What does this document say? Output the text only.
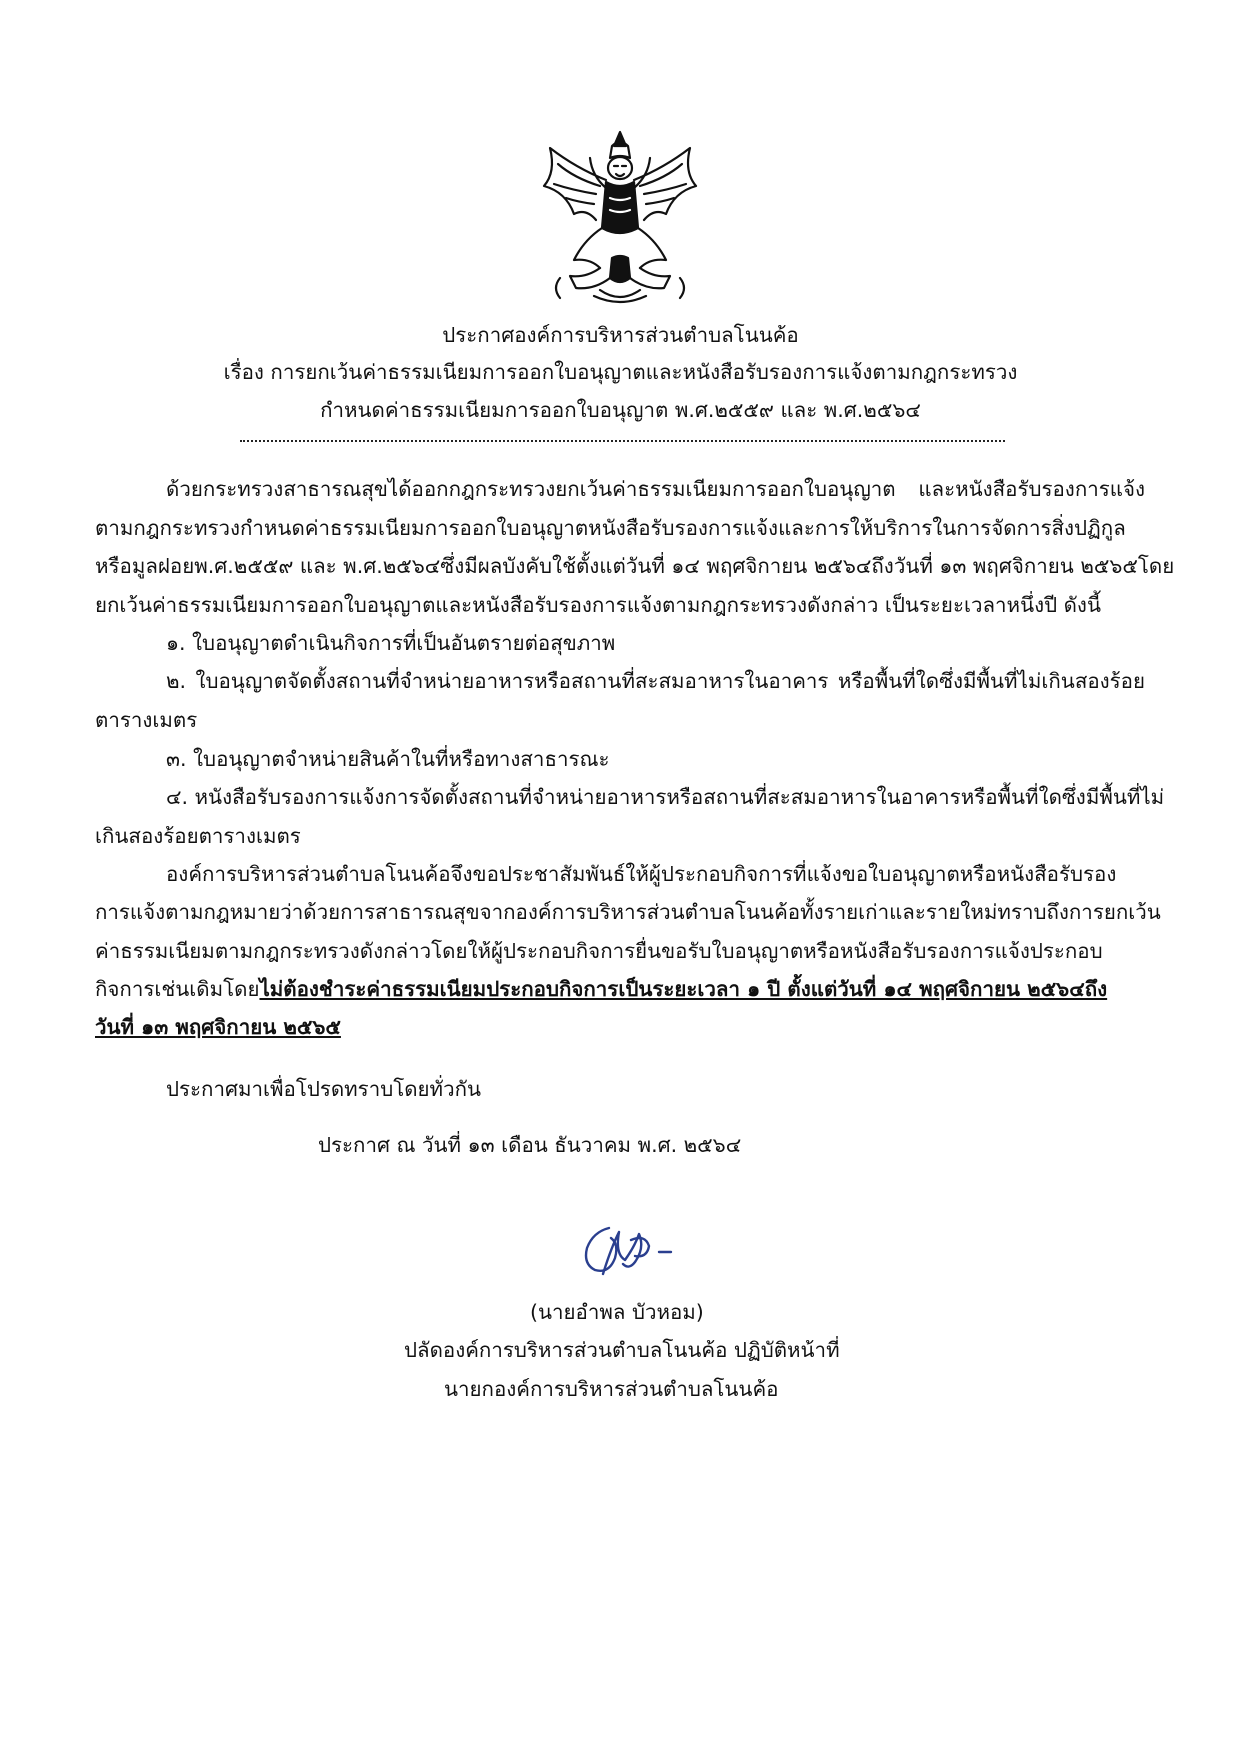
ประกาศองค์การบริหารส่วนตำบลโนนค้อ
เรื่อง การยกเว้นค่าธรรมเนียมการออกใบอนุญาตและหนังสือรับรองการแจ้งตามกฎกระทรวง
กำหนดค่าธรรมเนียมการออกใบอนุญาต พ.ศ.๒๕๕๙ และ พ.ศ.๒๕๖๔
ด้วยกระทรวงสาธารณสุขได้ออกกฎกระทรวงยกเว้นค่าธรรมเนียมการออกใบอนุญาต และหนังสือรับรองการแจ้ง
ตามกฎกระทรวงกำหนดค่าธรรมเนียมการออกใบอนุญาตหนังสือรับรองการแจ้งและการให้บริการในการจัดการสิ่งปฏิกูล
หรือมูลฝอยพ.ศ.๒๕๕๙ และ พ.ศ.๒๕๖๔ซึ่งมีผลบังคับใช้ตั้งแต่วันที่ ๑๔ พฤศจิกายน ๒๕๖๔ถึงวันที่ ๑๓ พฤศจิกายน ๒๕๖๕โดย
ยกเว้นค่าธรรมเนียมการออกใบอนุญาตและหนังสือรับรองการแจ้งตามกฎกระทรวงดังกล่าว เป็นระยะเวลาหนึ่งปี ดังนี้
๑. ใบอนุญาตดำเนินกิจการที่เป็นอันตรายต่อสุขภาพ
๒. ใบอนุญาตจัดตั้งสถานที่จำหน่ายอาหารหรือสถานที่สะสมอาหารในอาคาร หรือพื้นที่ใดซึ่งมีพื้นที่ไม่เกินสองร้อย
ตารางเมตร
๓. ใบอนุญาตจำหน่ายสินค้าในที่หรือทางสาธารณะ
๔. หนังสือรับรองการแจ้งการจัดตั้งสถานที่จำหน่ายอาหารหรือสถานที่สะสมอาหารในอาคารหรือพื้นที่ใดซึ่งมีพื้นที่ไม่
เกินสองร้อยตารางเมตร
องค์การบริหารส่วนตำบลโนนค้อจึงขอประชาสัมพันธ์ให้ผู้ประกอบกิจการที่แจ้งขอใบอนุญาตหรือหนังสือรับรอง
การแจ้งตามกฎหมายว่าด้วยการสาธารณสุขจากองค์การบริหารส่วนตำบลโนนค้อทั้งรายเก่าและรายใหม่ทราบถึงการยกเว้น
ค่าธรรมเนียมตามกฎกระทรวงดังกล่าวโดยให้ผู้ประกอบกิจการยื่นขอรับใบอนุญาตหรือหนังสือรับรองการแจ้งประกอบ
กิจการเช่นเดิมโดยไม่ต้องชำระค่าธรรมเนียมประกอบกิจการเป็นระยะเวลา ๑ ปี ตั้งแต่วันที่ ๑๔ พฤศจิกายน ๒๕๖๔ถึง
วันที่ ๑๓ พฤศจิกายน ๒๕๖๕
ประกาศมาเพื่อโปรดทราบโดยทั่วกัน
ประกาศ ณ วันที่ ๑๓ เดือน ธันวาคม พ.ศ. ๒๕๖๔
(นายอำพล บัวหอม)
ปลัดองค์การบริหารส่วนตำบลโนนค้อ ปฏิบัติหน้าที่
นายกองค์การบริหารส่วนตำบลโนนค้อ
